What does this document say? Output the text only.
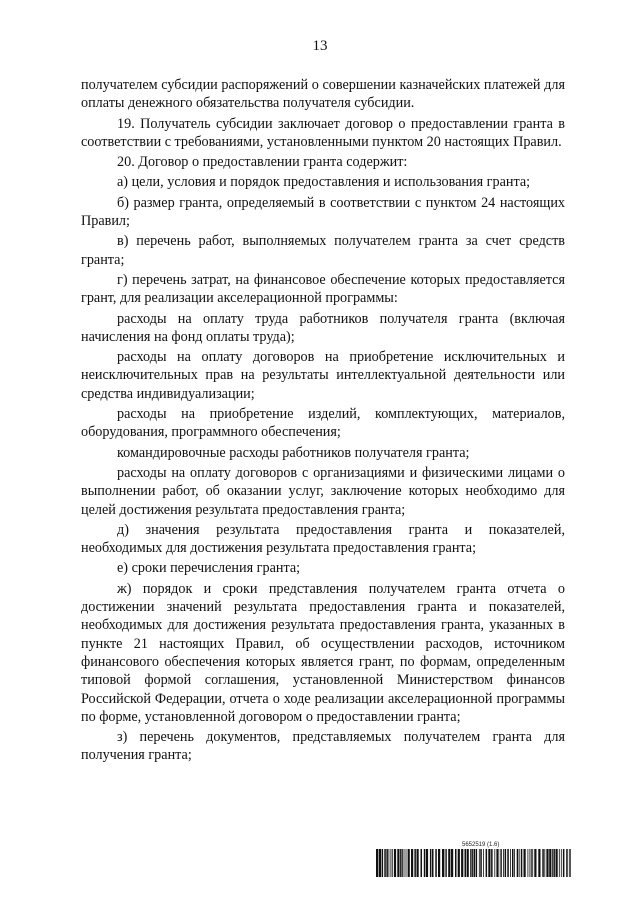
13

получателем субсидии распоряжений о совершении казначейских платежей для оплаты денежного обязательства получателя субсидии.

19. Получатель субсидии заключает договор о предоставлении гранта в соответствии с требованиями, установленными пунктом 20 настоящих Правил.

20. Договор о предоставлении гранта содержит:

а) цели, условия и порядок предоставления и использования гранта;

б) размер гранта, определяемый в соответствии с пунктом 24 настоящих Правил;

в) перечень работ, выполняемых получателем гранта за счет средств гранта;

г) перечень затрат, на финансовое обеспечение которых предоставляется грант, для реализации акселерационной программы:

расходы на оплату труда работников получателя гранта (включая начисления на фонд оплаты труда);

расходы на оплату договоров на приобретение исключительных и неисключительных прав на результаты интеллектуальной деятельности или средства индивидуализации;

расходы на приобретение изделий, комплектующих, материалов, оборудования, программного обеспечения;

командировочные расходы работников получателя гранта;

расходы на оплату договоров с организациями и физическими лицами о выполнении работ, об оказании услуг, заключение которых необходимо для целей достижения результата предоставления гранта;

д) значения результата предоставления гранта и показателей, необходимых для достижения результата предоставления гранта;

е) сроки перечисления гранта;

ж) порядок и сроки представления получателем гранта отчета о достижении значений результата предоставления гранта и показателей, необходимых для достижения результата предоставления гранта, указанных в пункте 21 настоящих Правил, об осуществлении расходов, источником финансового обеспечения которых является грант, по формам, определенным типовой формой соглашения, установленной Министерством финансов Российской Федерации, отчета о ходе реализации акселерационной программы по форме, установленной договором о предоставлении гранта;

з) перечень документов, представляемых получателем гранта для получения гранта;

5652519 (1.6)
